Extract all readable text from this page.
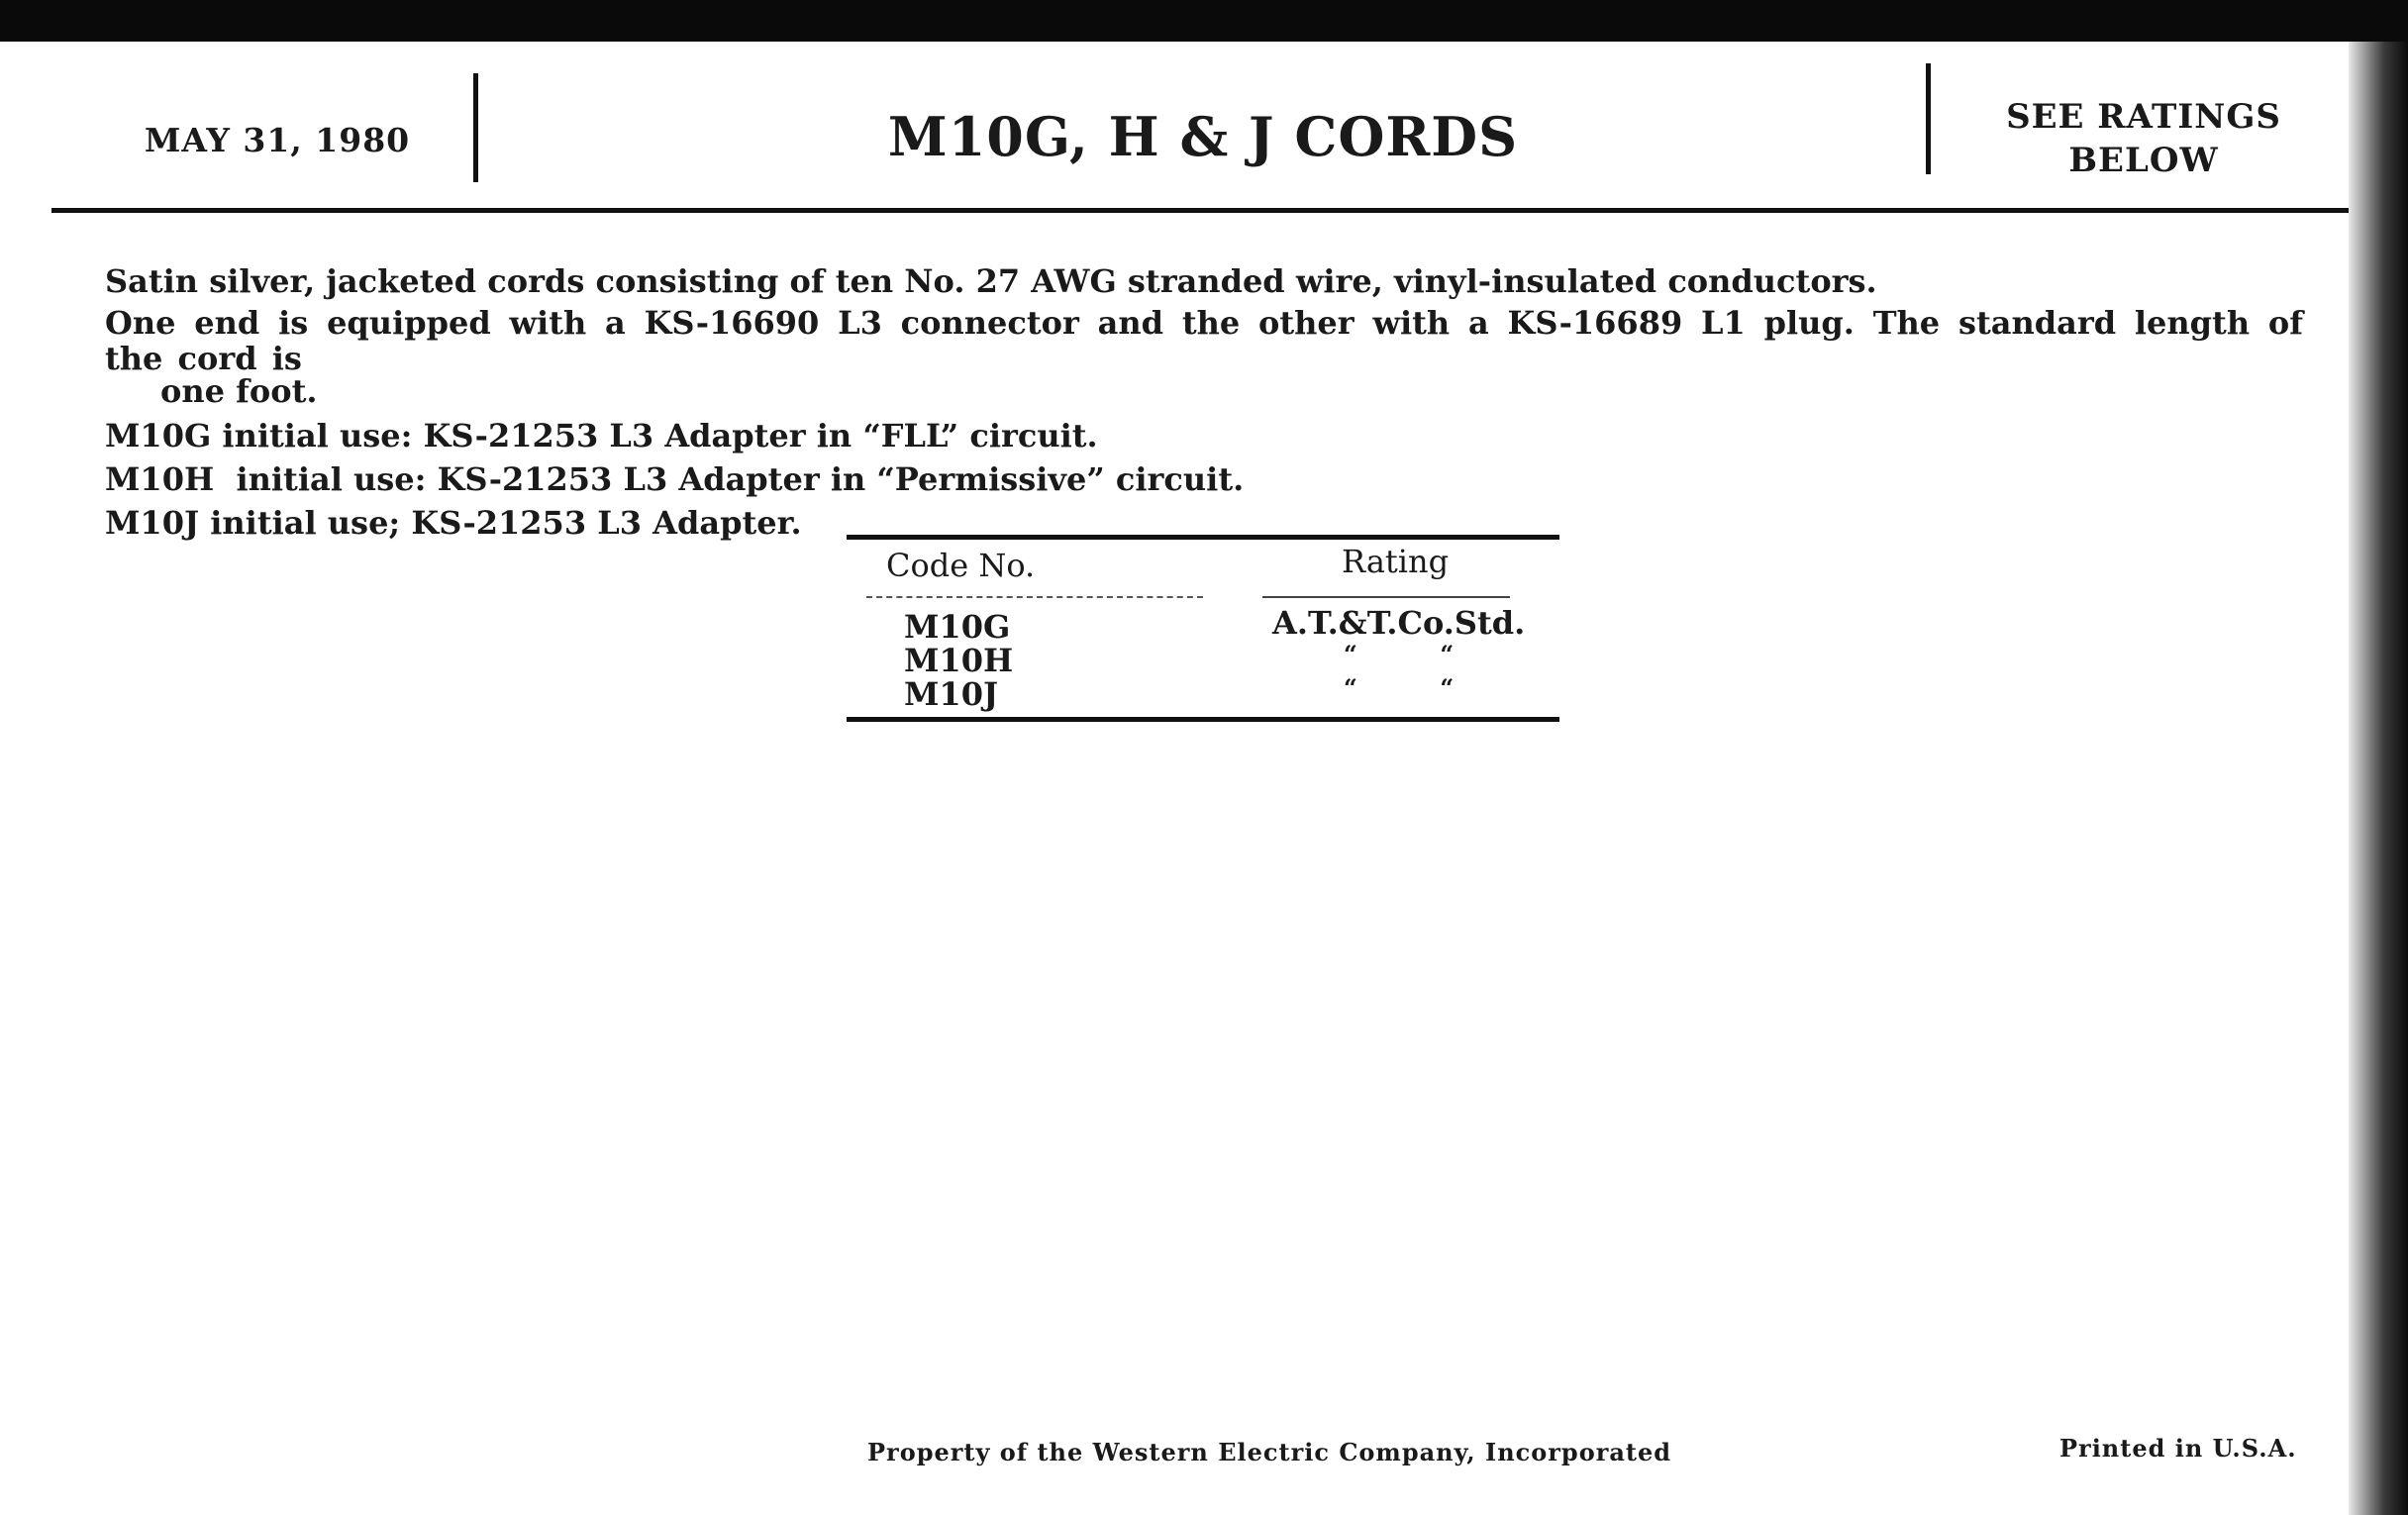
MAY 31, 1980	M10G, H & J CORDS	SEE RATINGS
BELOW

Satin silver, jacketed cords consisting of ten No. 27 AWG stranded wire, vinyl-insulated conductors.

One end is equipped with a KS-16690 L3 connector and the other with a KS-16689 L1 plug. The standard length of the cord is

one foot.

M10G initial use: KS-21253 L3 Adapter in “FLL” circuit.

M10H  initial use: KS-21253 L3 Adapter in “Permissive” circuit.

M10J initial use; KS-21253 L3 Adapter.

Code No.	Rating
M10G	A.T.&T.Co.Std.
M10H	“          “
M10J	“          “
Property of the Western Electric Company, Incorporated	Printed in U.S.A.
